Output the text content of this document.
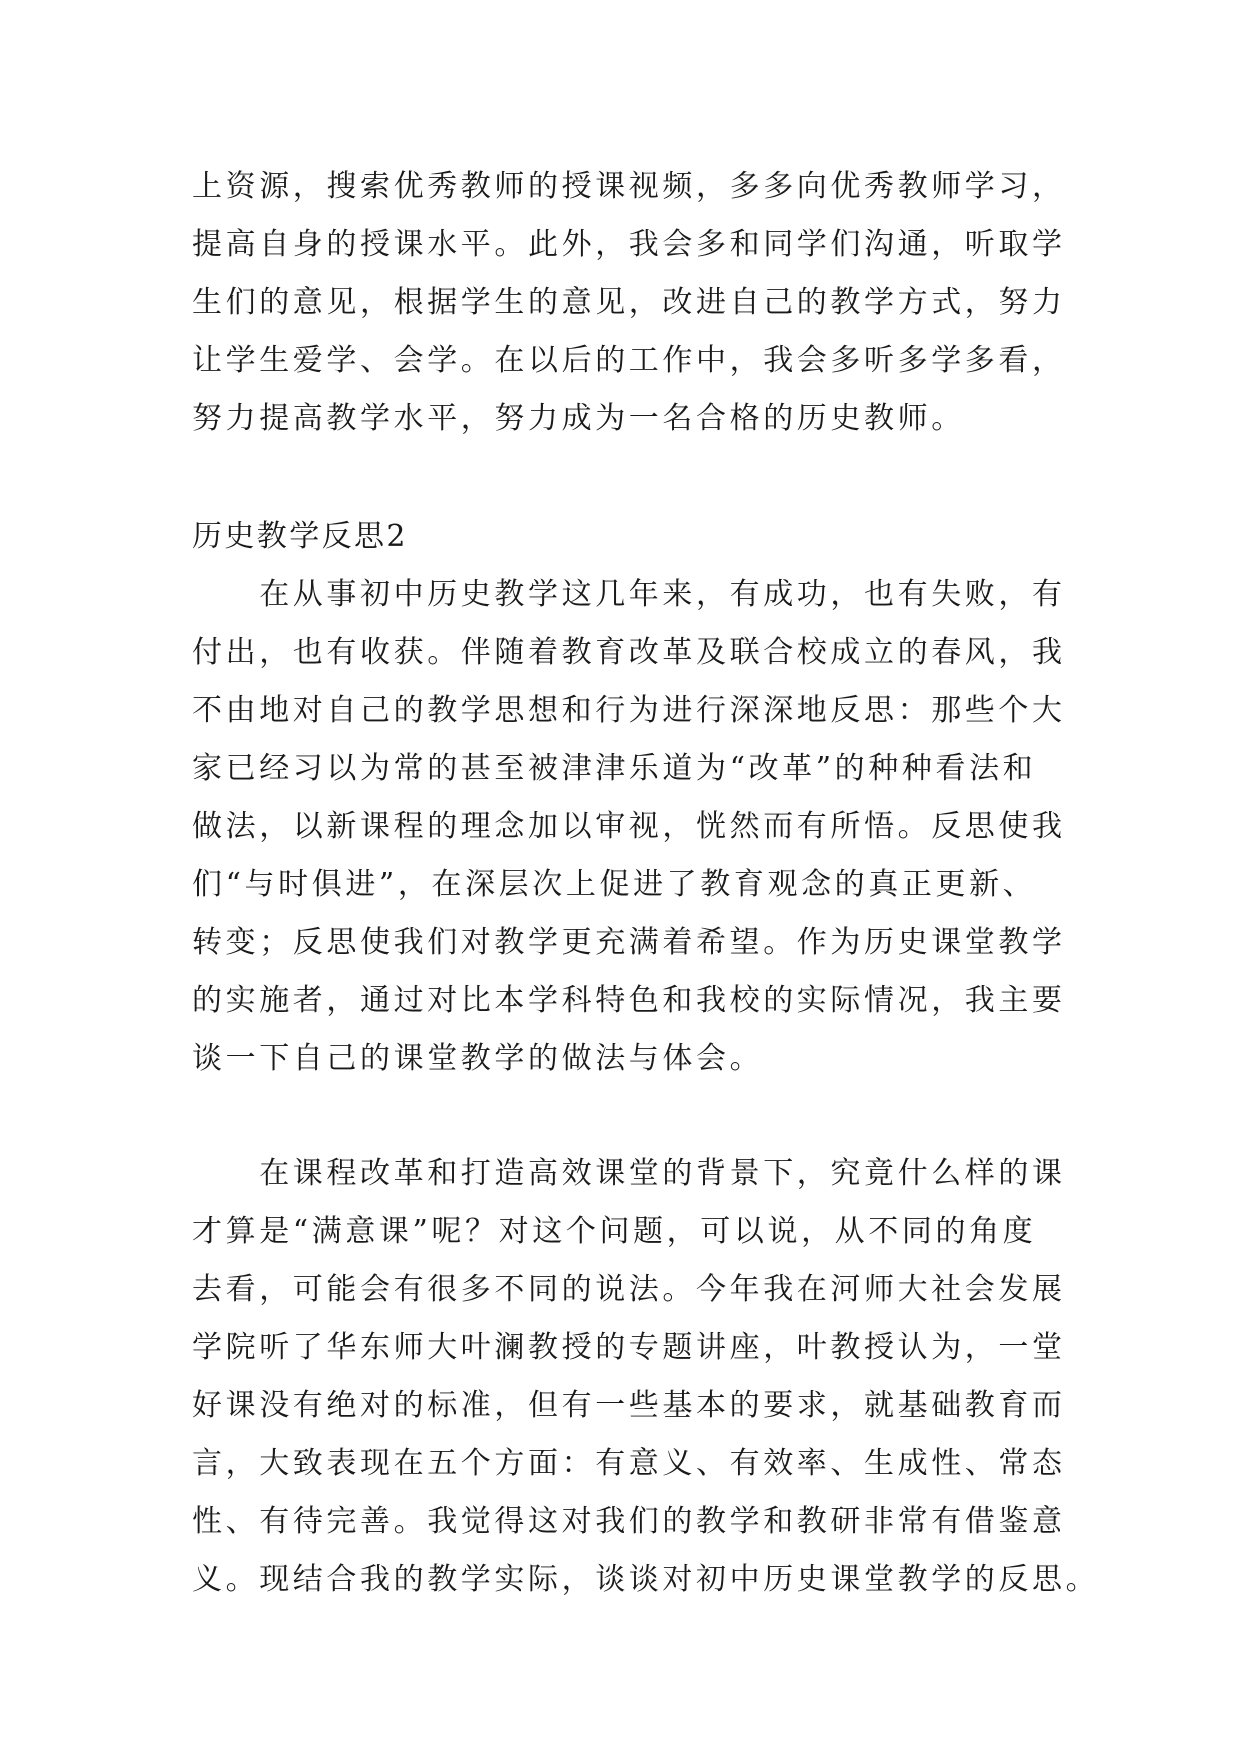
上资源，搜索优秀教师的授课视频，多多向优秀教师学习，
提高自身的授课水平。此外，我会多和同学们沟通，听取学
生们的意见，根据学生的意见，改进自己的教学方式，努力
让学生爱学、会学。在以后的工作中，我会多听多学多看，
努力提高教学水平，努力成为一名合格的历史教师。
历史教学反思2
　　在从事初中历史教学这几年来，有成功，也有失败，有
付出，也有收获。伴随着教育改革及联合校成立的春风，我
不由地对自己的教学思想和行为进行深深地反思：那些个大
家已经习以为常的甚至被津津乐道为“改革”的种种看法和
做法，以新课程的理念加以审视，恍然而有所悟。反思使我
们“与时俱进”，在深层次上促进了教育观念的真正更新、
转变；反思使我们对教学更充满着希望。作为历史课堂教学
的实施者，通过对比本学科特色和我校的实际情况，我主要
谈一下自己的课堂教学的做法与体会。
　　在课程改革和打造高效课堂的背景下，究竟什么样的课
才算是“满意课”呢？对这个问题，可以说，从不同的角度
去看，可能会有很多不同的说法。今年我在河师大社会发展
学院听了华东师大叶澜教授的专题讲座，叶教授认为，一堂
好课没有绝对的标准，但有一些基本的要求，就基础教育而
言，大致表现在五个方面：有意义、有效率、生成性、常态
性、有待完善。我觉得这对我们的教学和教研非常有借鉴意
义。现结合我的教学实际，谈谈对初中历史课堂教学的反思。
